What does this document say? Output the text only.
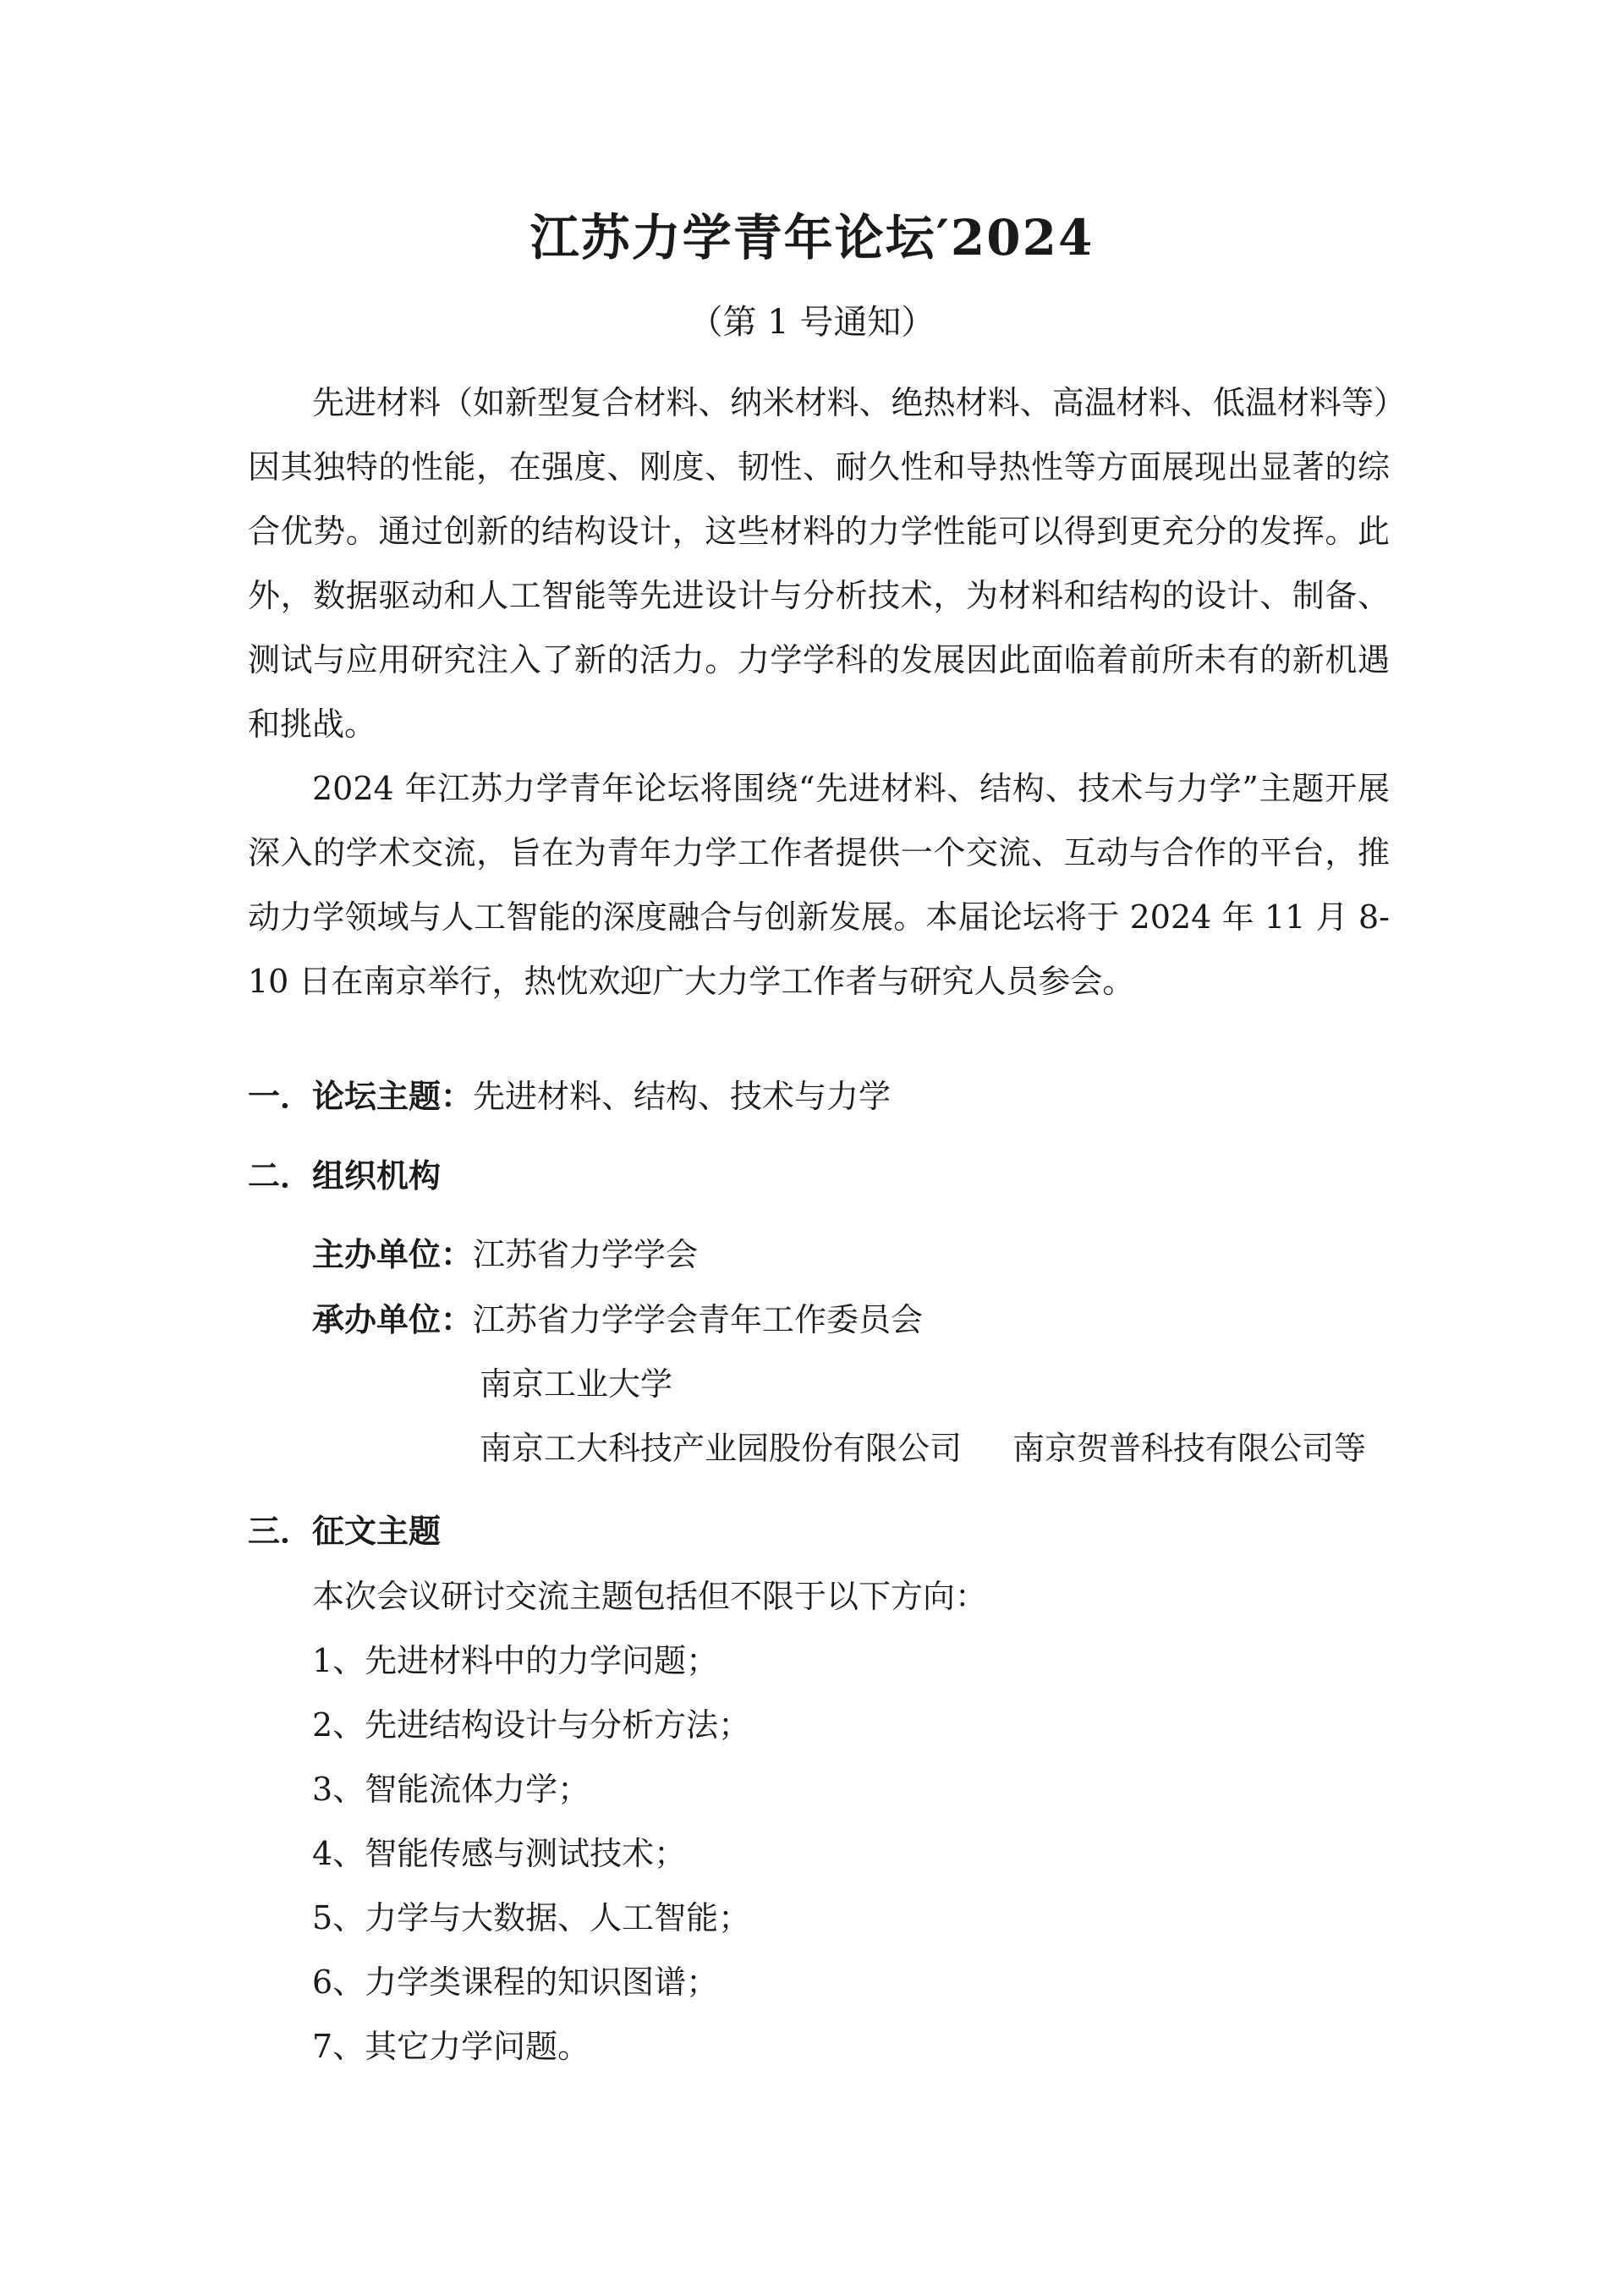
江苏力学青年论坛′2024
（第 1 号通知）

先进材料（如新型复合材料、纳米材料、绝热材料、高温材料、低温材料等）因其独特的性能，在强度、刚度、韧性、耐久性和导热性等方面展现出显著的综合优势。通过创新的结构设计，这些材料的力学性能可以得到更充分的发挥。此外，数据驱动和人工智能等先进设计与分析技术，为材料和结构的设计、制备、测试与应用研究注入了新的活力。力学学科的发展因此面临着前所未有的新机遇和挑战。

2024 年江苏力学青年论坛将围绕“先进材料、结构、技术与力学”主题开展深入的学术交流，旨在为青年力学工作者提供一个交流、互动与合作的平台，推动力学领域与人工智能的深度融合与创新发展。本届论坛将于 2024 年 11 月 8-10 日在南京举行，热忱欢迎广大力学工作者与研究人员参会。

一．论坛主题：先进材料、结构、技术与力学
二．组织机构
主办单位：江苏省力学学会
承办单位：江苏省力学学会青年工作委员会
南京工业大学
南京工大科技产业园股份有限公司 南京贺普科技有限公司等
三．征文主题
本次会议研讨交流主题包括但不限于以下方向：
1、先进材料中的力学问题；
2、先进结构设计与分析方法；
3、智能流体力学；
4、智能传感与测试技术；
5、力学与大数据、人工智能；
6、力学类课程的知识图谱；
7、其它力学问题。
